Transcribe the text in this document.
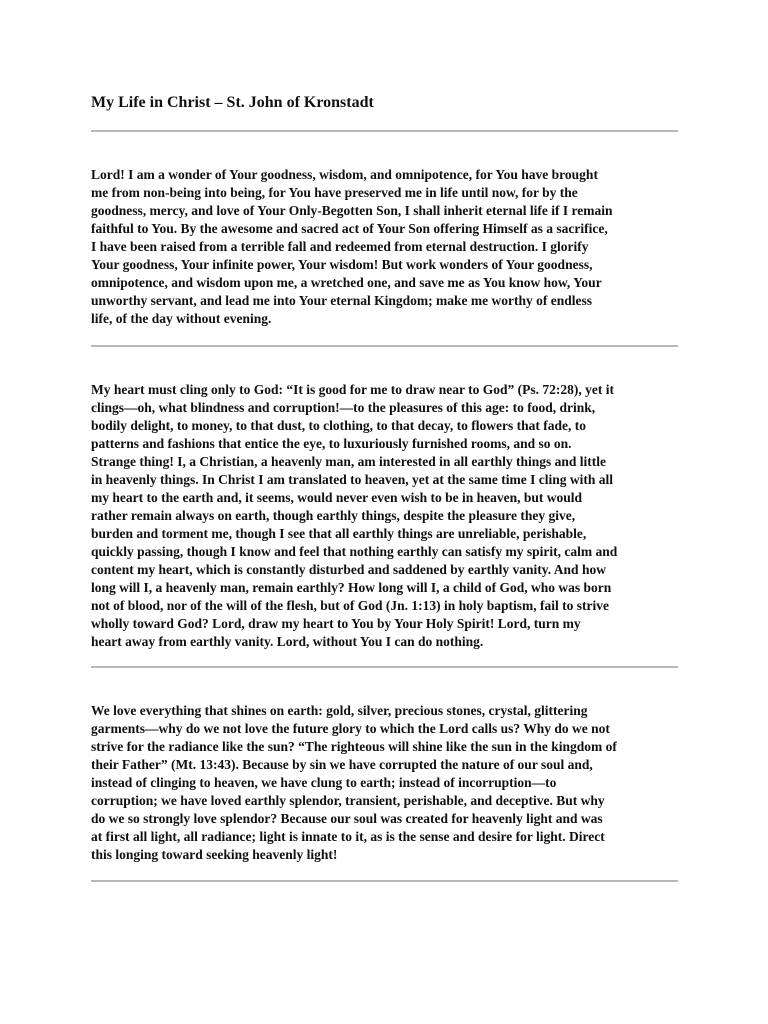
My Life in Christ – St. John of Kronstadt

Lord! I am a wonder of Your goodness, wisdom, and omnipotence, for You have brought
me from non-being into being, for You have preserved me in life until now, for by the
goodness, mercy, and love of Your Only-Begotten Son, I shall inherit eternal life if I remain
faithful to You. By the awesome and sacred act of Your Son offering Himself as a sacrifice,
I have been raised from a terrible fall and redeemed from eternal destruction. I glorify
Your goodness, Your infinite power, Your wisdom! But work wonders of Your goodness,
omnipotence, and wisdom upon me, a wretched one, and save me as You know how, Your
unworthy servant, and lead me into Your eternal Kingdom; make me worthy of endless
life, of the day without evening.

My heart must cling only to God: “It is good for me to draw near to God” (Ps. 72:28), yet it
clings—oh, what blindness and corruption!—to the pleasures of this age: to food, drink,
bodily delight, to money, to that dust, to clothing, to that decay, to flowers that fade, to
patterns and fashions that entice the eye, to luxuriously furnished rooms, and so on.
Strange thing! I, a Christian, a heavenly man, am interested in all earthly things and little
in heavenly things. In Christ I am translated to heaven, yet at the same time I cling with all
my heart to the earth and, it seems, would never even wish to be in heaven, but would
rather remain always on earth, though earthly things, despite the pleasure they give,
burden and torment me, though I see that all earthly things are unreliable, perishable,
quickly passing, though I know and feel that nothing earthly can satisfy my spirit, calm and
content my heart, which is constantly disturbed and saddened by earthly vanity. And how
long will I, a heavenly man, remain earthly? How long will I, a child of God, who was born
not of blood, nor of the will of the flesh, but of God (Jn. 1:13) in holy baptism, fail to strive
wholly toward God? Lord, draw my heart to You by Your Holy Spirit! Lord, turn my
heart away from earthly vanity. Lord, without You I can do nothing.

We love everything that shines on earth: gold, silver, precious stones, crystal, glittering
garments—why do we not love the future glory to which the Lord calls us? Why do we not
strive for the radiance like the sun? “The righteous will shine like the sun in the kingdom of
their Father” (Mt. 13:43). Because by sin we have corrupted the nature of our soul and,
instead of clinging to heaven, we have clung to earth; instead of incorruption—to
corruption; we have loved earthly splendor, transient, perishable, and deceptive. But why
do we so strongly love splendor? Because our soul was created for heavenly light and was
at first all light, all radiance; light is innate to it, as is the sense and desire for light. Direct
this longing toward seeking heavenly light!
